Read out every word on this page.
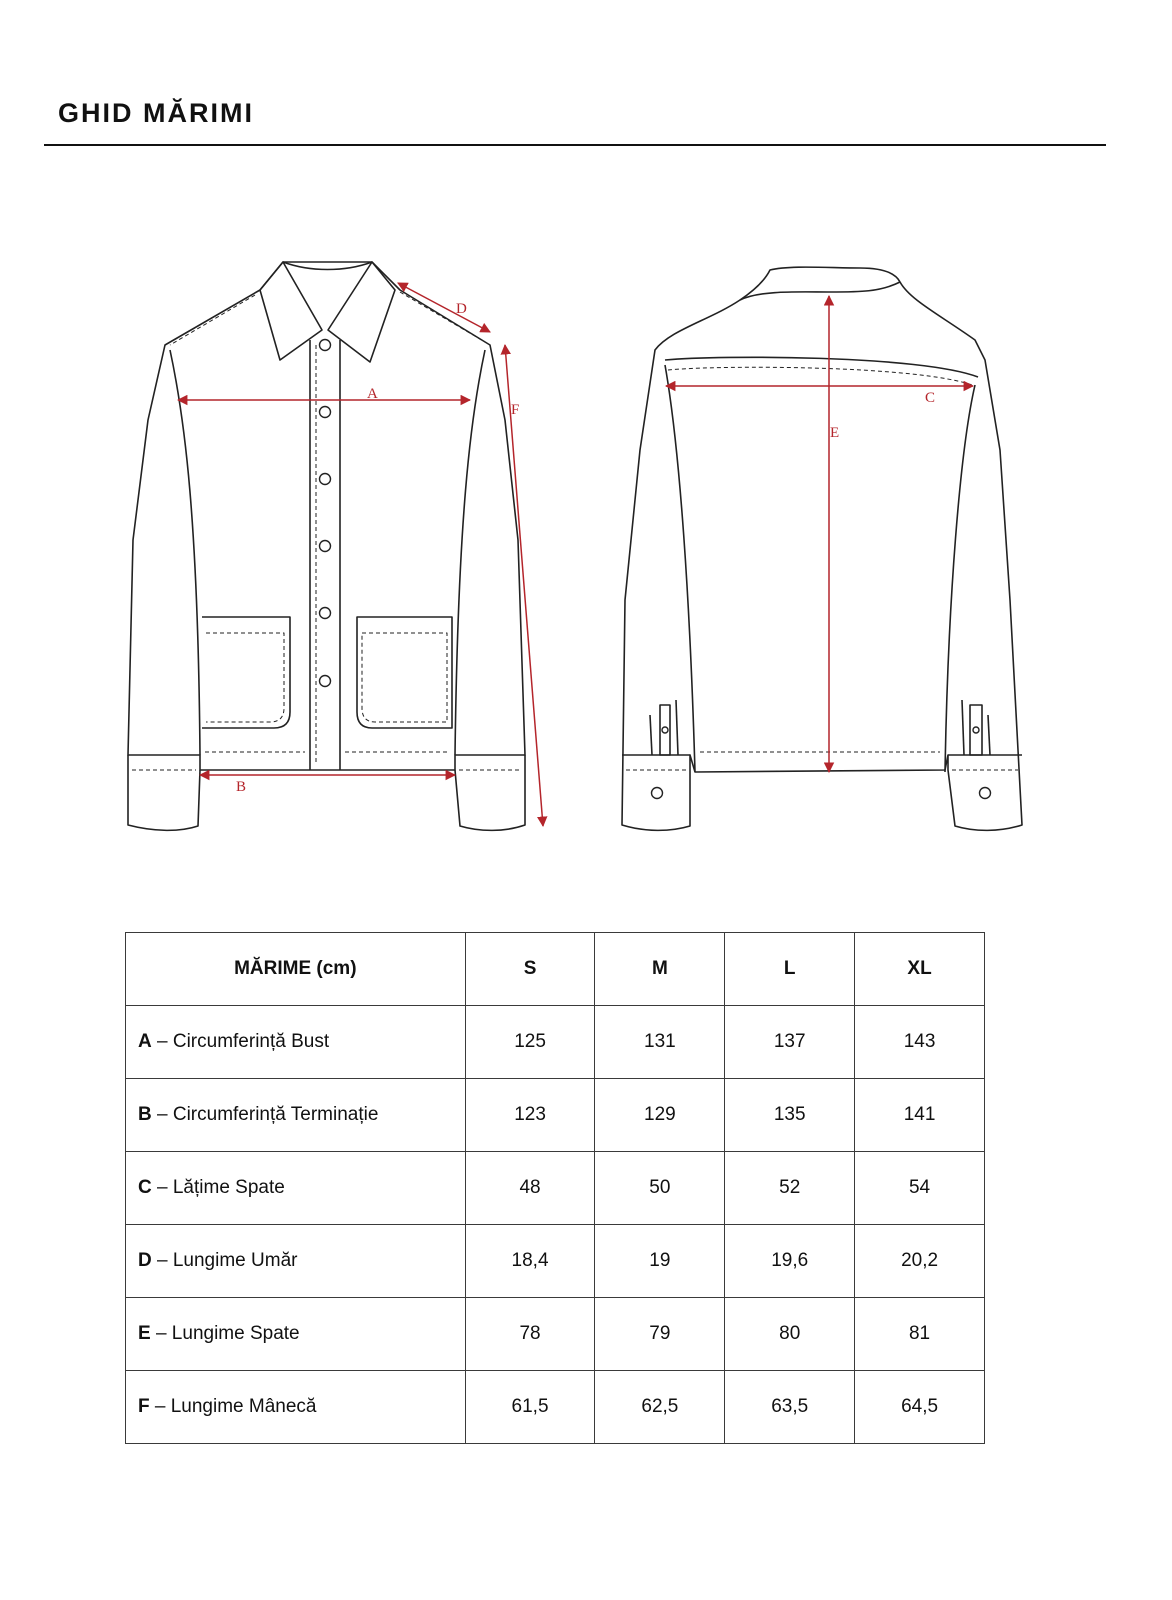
GHID MĂRIMI
A
B
D
F
C
E
MĂRIME (cm)	S	M	L	XL
A – Circumferință Bust	125	131	137	143
B – Circumferință Terminație	123	129	135	141
C – Lățime Spate	48	50	52	54
D – Lungime Umăr	18,4	19	19,6	20,2
E – Lungime Spate	78	79	80	81
F – Lungime Mânecă	61,5	62,5	63,5	64,5
